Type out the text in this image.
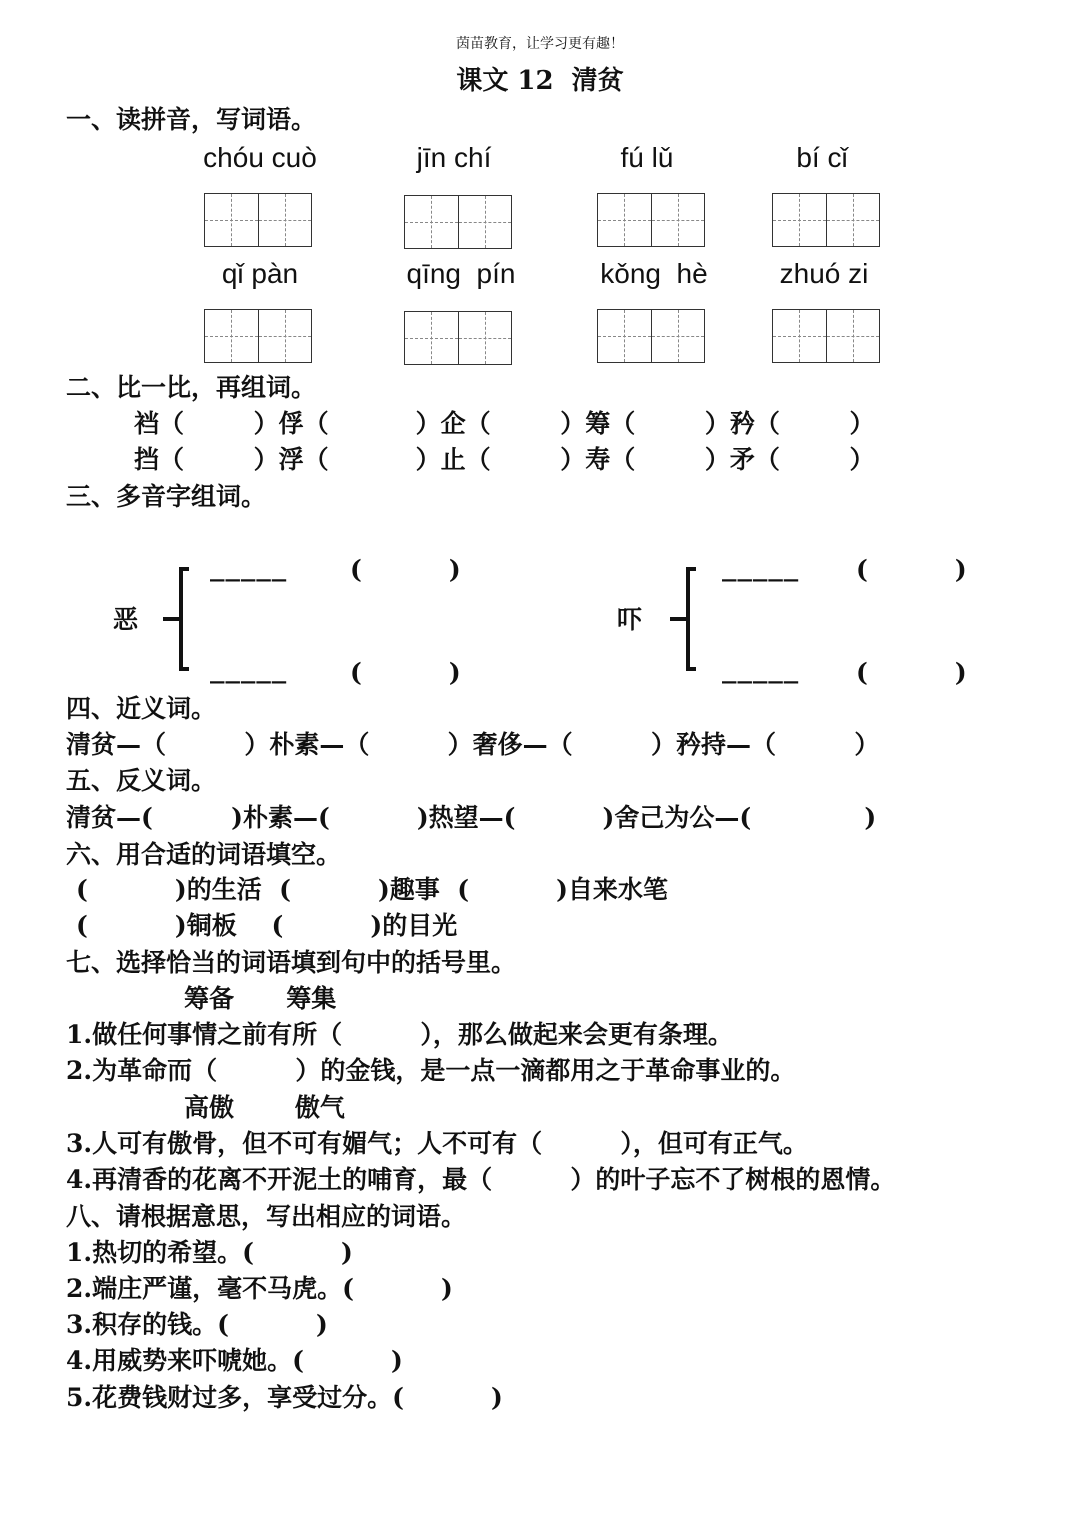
茵苗教育，让学习更有趣！
课文 12  清贫
一、读拼音，写词语。
chóu cuò	jīn chí	fú lǔ	bí cǐ
qǐ pàn	qīng  pín	kǒng  hè	zhuó zi
二、比一比，再组词。
裆（        ）俘（          ）企（        ）筹（        ）矜（        ）
挡（        ）浮（          ）止（        ）寿（        ）矛（        ）
三、多音字组词。
恶
_____	(          )
_____	(          )
吓
_____ (          )
_____ (          )
四、近义词。
清贫—（         ）朴素—（         ）奢侈—（         ）矜持—（         ）
五、反义词。
清贫—(         )朴素—(          )热望—(          )舍己为公—(             )
六、用合适的词语填空。
(          )的生活  (          )趣事  (          )自来水笔
(          )铜板    (          )的目光
七、选择恰当的词语填到句中的括号里。
筹备      筹集
1.做任何事情之前有所（         ），那么做起来会更有条理。
2.为革命而（         ）的金钱，是一点一滴都用之于革命事业的。
高傲       傲气
3.人可有傲骨，但不可有媚气；人不可有（         ），但可有正气。
4.再清香的花离不开泥土的哺育，最（         ）的叶子忘不了树根的恩情。
八、请根据意思，写出相应的词语。
1.热切的希望。(          )
2.端庄严谨，毫不马虎。(          )
3.积存的钱。(          )
4.用威势来吓唬她。(          )
5.花费钱财过多，享受过分。(          )
